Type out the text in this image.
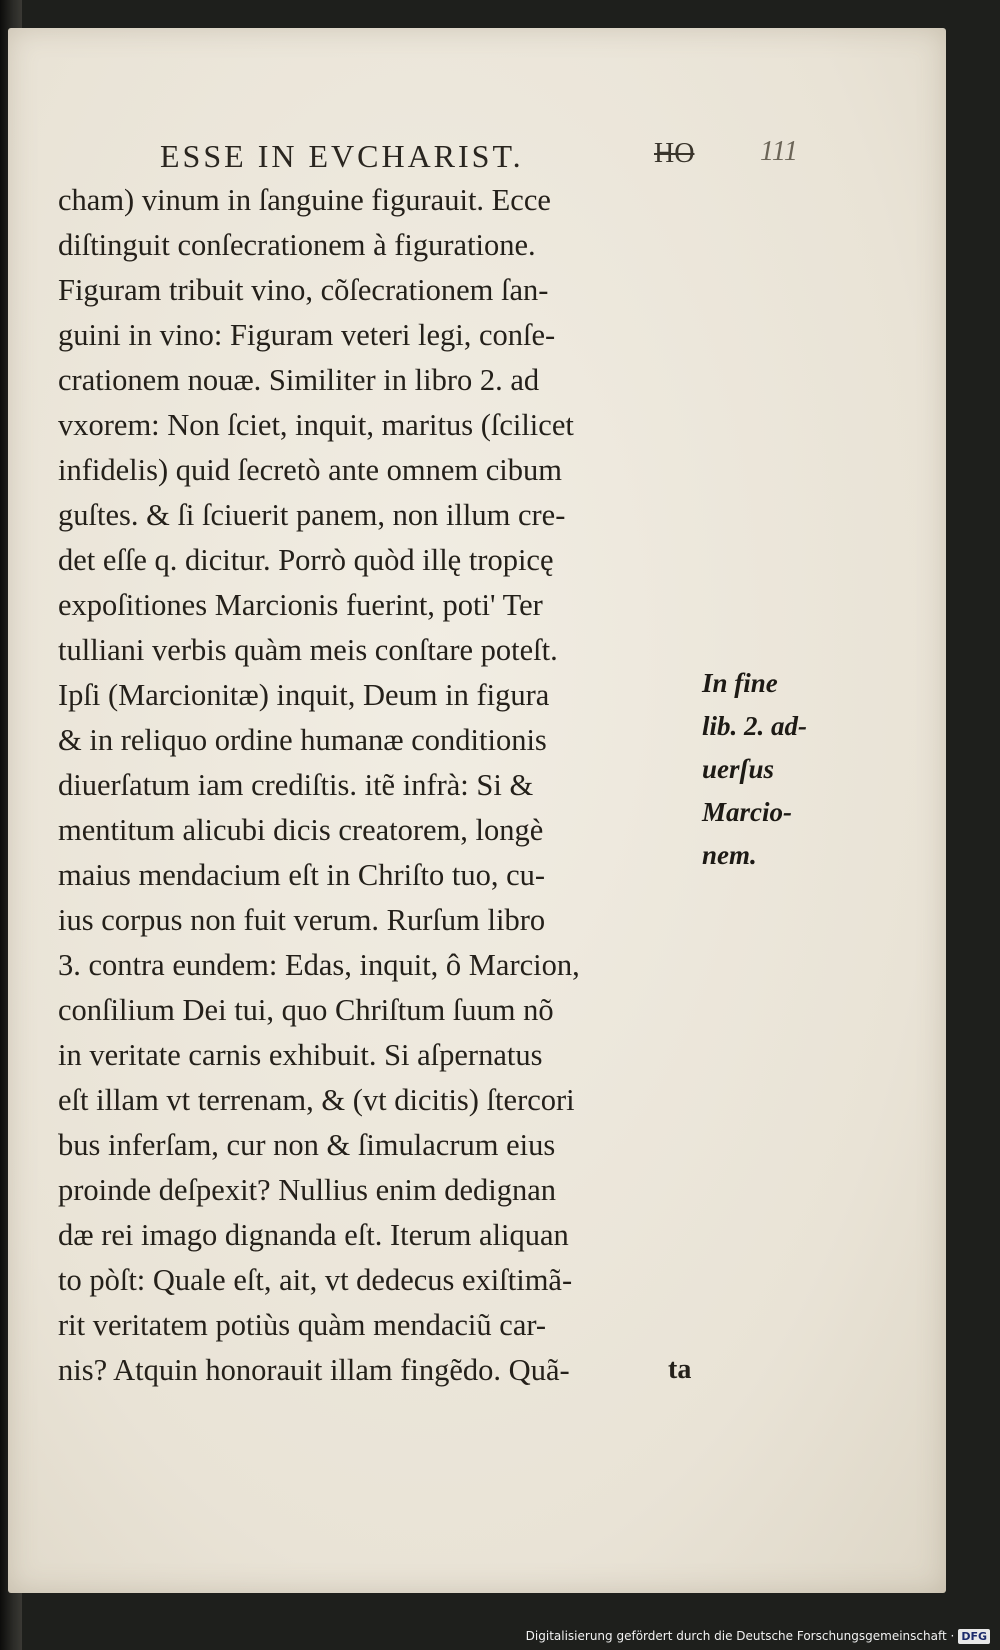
ESSE IN EVCHARIST.	HO 111
cham) vinum in ſanguine figurauit. Ecce
diſtinguit conſecrationem à figuratione.
Figuram tribuit vino, cõſecrationem ſan-
guini in vino: Figuram veteri legi, conſe-
crationem nouæ. Similiter in libro 2. ad
vxorem: Non ſciet, inquit, maritus (ſcilicet
infidelis) quid ſecretò ante omnem cibum
guſtes. & ſi ſciuerit panem, non illum cre-
det eſſe q. dicitur. Porrò quòd illę tropicę
expoſitiones Marcionis fuerint, poti' Ter
tulliani verbis quàm meis conſtare poteſt.
Ipſi (Marcionitæ) inquit, Deum in figura
& in reliquo ordine humanæ conditionis
diuerſatum iam crediſtis. itẽ infrà: Si &
mentitum alicubi dicis creatorem, longè
maius mendacium eſt in Chriſto tuo, cu-
ius corpus non fuit verum. Rurſum libro
3. contra eundem: Edas, inquit, ô Marcion,
conſilium Dei tui, quo Chriſtum ſuum nõ
in veritate carnis exhibuit. Si aſpernatus
eſt illam vt terrenam, & (vt dicitis) ſtercori
bus inferſam, cur non & ſimulacrum eius
proinde deſpexit? Nullius enim dedignan
dæ rei imago dignanda eſt. Iterum aliquan
to pòſt: Quale eſt, ait, vt dedecus exiſtimã-
rit veritatem potiùs quàm mendaciũ car-
nis? Atquin honorauit illam fingẽdo. Quã-
In fine
lib. 2. ad-
uerſus
Marcio-
nem.
ta
Digitalisierung gefördert durch die Deutsche Forschungsgemeinschaft · DFG
